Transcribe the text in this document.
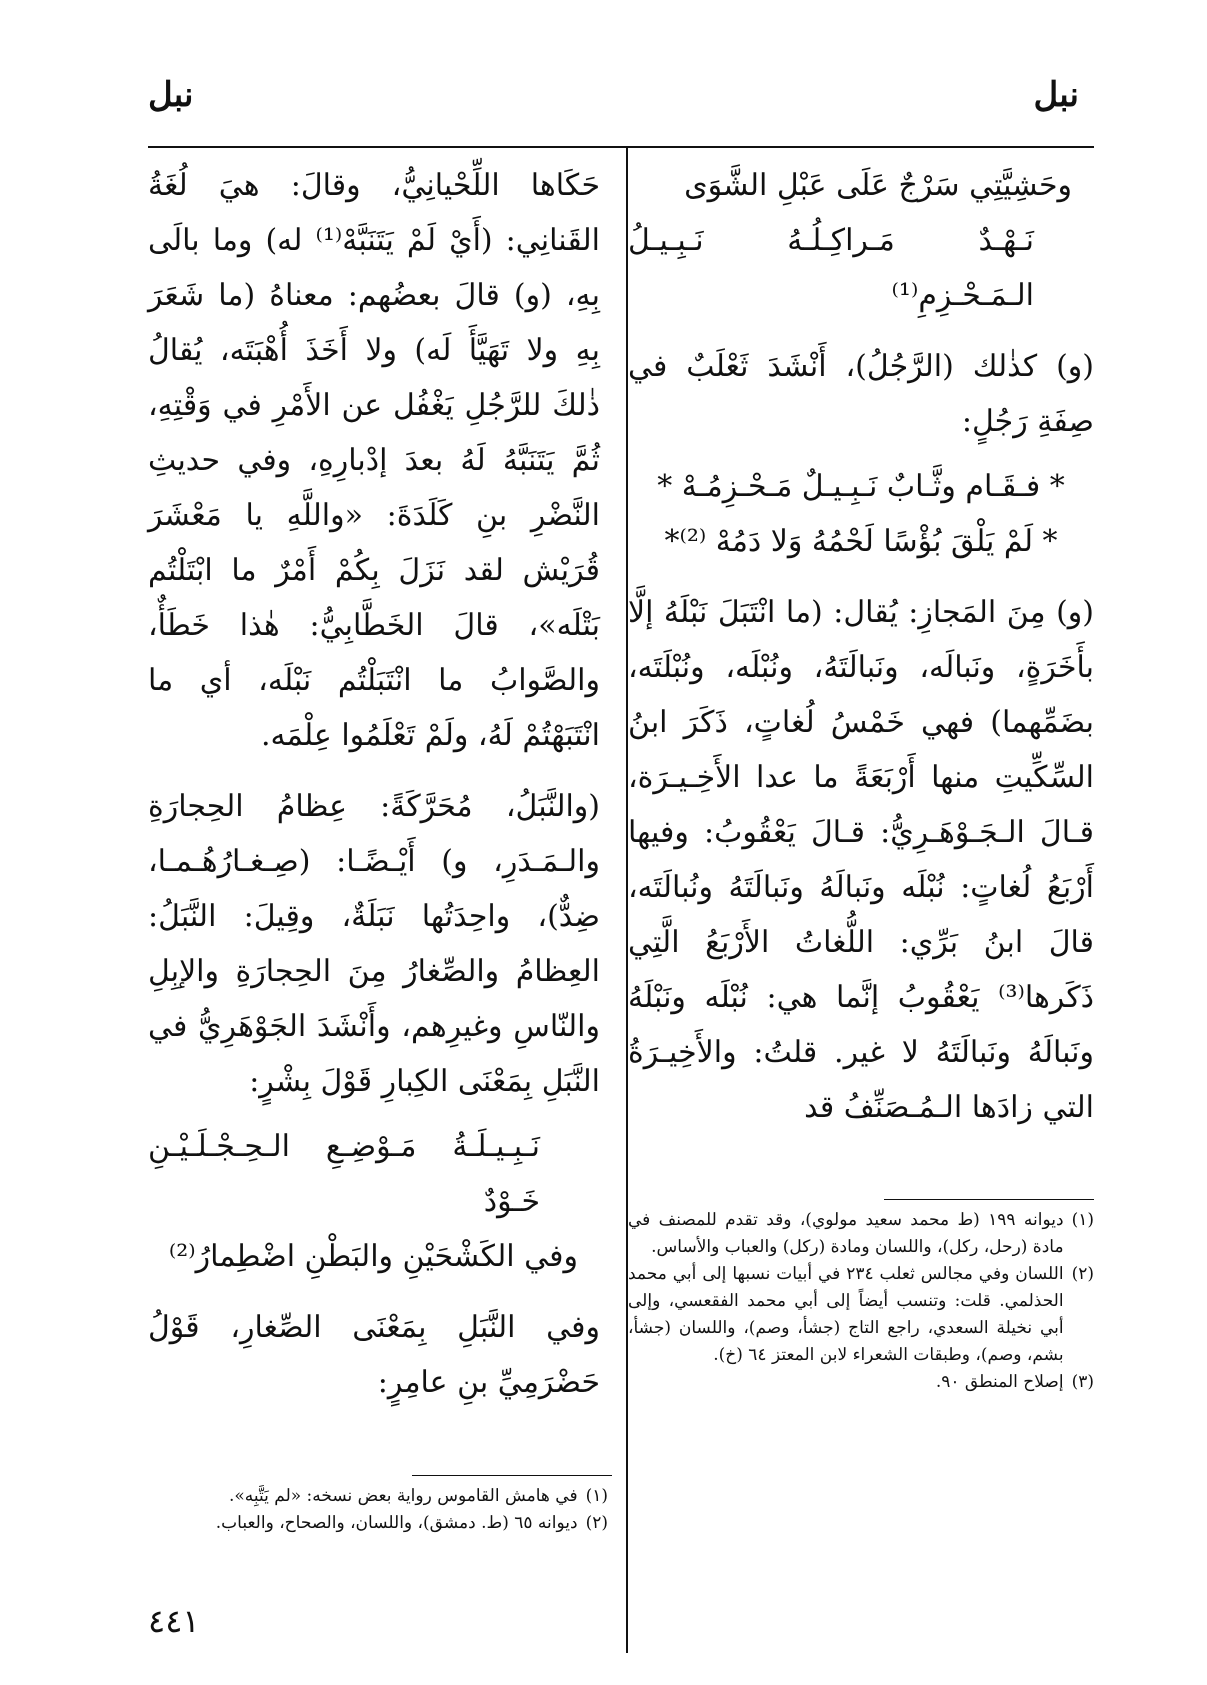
نبل
نبل
وحَشِيَّتِي سَرْجٌ عَلَى عَبْلِ الشَّوَى
نَـهْـدٌ مَـراكِـلُـهُ نَـبِـيـلُ الـمَـحْـزِمِ⁽¹⁾

(و) كذٰلك (الرَّجُلُ)، أَنْشَدَ ثَعْلَبٌ في صِفَةِ رَجُلٍ:

* فـقَـام وثَّـابٌ نَـبِـيـلٌ مَـحْـزِمُـهْ *
* لَمْ يَلْقَ بُؤْسًا لَحْمُهُ وَلا دَمُهْ ⁽²⁾*

(و) مِنَ المَجازِ: يُقال: (ما انْتَبَلَ نَبْلَهُ إلَّا بأَخَرَةٍ، ونَبالَه، ونَبالَتَهُ، ونُبْلَه، ونُبْلَتَه، بضَمِّهما) فهي خَمْسُ لُغاتٍ، ذَكَرَ ابنُ السِّكِّيتِ منها أَرْبَعَةً ما عدا الأَخِـيـرَة، قـالَ الـجَـوْهَـرِيُّ: قـالَ يَعْقُوبُ: وفيها أَرْبَعُ لُغاتٍ: نُبْلَه ونَبالَهُ ونَبالَتَهُ ونُبالَتَه، قالَ ابنُ بَرِّي: اللُّغاتُ الأَرْبَعُ الَّتِي ذَكَرها⁽³⁾ يَعْقُوبُ إنَّما هي: نُبْلَه ونَبْلَهُ ونَبالَهُ ونَبالَتَهُ لا غير. قلتُ: والأَخِيـرَةُ التي زادَها الـمُـصَنِّفُ قد

حَكَاها اللِّحْيانِيُّ، وقالَ: هيَ لُغَةُ القَنانِي: (أَيْ لَمْ يَتَنَبَّهْ⁽¹⁾ له) وما بالَى بِهِ، (و) قالَ بعضُهم: معناهُ (ما شَعَرَ بِهِ ولا تَهَيَّأَ لَه) ولا أَخَذَ أُهْبَتَه، يُقالُ ذٰلكَ للرَّجُلِ يَغْفُل عن الأَمْرِ في وَقْتِهِ، ثُمَّ يَتَنَبَّهُ لَهُ بعدَ إدْبارِهِ، وفي حديثِ النَّضْرِ بنِ كَلَدَةَ: «واللَّهِ يا مَعْشَرَ قُرَيْش لقد نَزَلَ بِكُمْ أَمْرٌ ما ابْتَلْتُم بَتْلَه»، قالَ الخَطَّابِيُّ: هٰذا خَطَأٌ، والصَّوابُ ما انْتَبَلْتُم نَبْلَه، أي ما انْتَبَهْتُمْ لَهُ، ولَمْ تَعْلَمُوا عِلْمَه.

(والنَّبَلُ، مُحَرَّكَةً: عِظامُ الحِجارَةِ والـمَـدَرِ، و) أَيْـضًـا: (صِـغـارُهُـمـا، ضِدٌّ)، واحِدَتُها نَبَلَةٌ، وقِيلَ: النَّبَلُ: العِظامُ والصِّغارُ مِنَ الحِجارَةِ والإبِلِ والنّاسِ وغيرِهم، وأَنْشَدَ الجَوْهَرِيُّ في النَّبَلِ بِمَعْنَى الكِبارِ قَوْلَ بِشْرٍ:

نَـبِـيـلَـةُ مَـوْضِـعِ الـحِـجْـلَـيْـنِ خَـوْدٌ
وفي الكَشْحَيْنِ والبَطْنِ اضْطِمارُ⁽²⁾

وفي النَّبَلِ بِمَعْنَى الصِّغارِ، قَوْلُ حَضْرَمِيِّ بنِ عامِرٍ:

(١)
ديوانه ١٩٩ (ط محمد سعيد مولوي)، وقد تقدم للمصنف في مادة (رحل، ركل)، واللسان ومادة (ركل) والعباب والأساس.
(٢)
اللسان وفي مجالس ثعلب ٢٣٤ في أبيات نسبها إلى أبي محمد الحذلمي. قلت: وتنسب أيضاً إلى أبي محمد الفقعسي، وإلى أبي نخيلة السعدي، راجع التاج (جشأ، وصم)، واللسان (جشأ، بشم، وصم)، وطبقات الشعراء لابن المعتز ٦٤ (خ).
(٣)
إصلاح المنطق ٩٠.
(١)
في هامش القاموس رواية بعض نسخه: «لم يَتَّبِه».
(٢)
ديوانه ٦٥ (ط. دمشق)، واللسان، والصحاح، والعباب.
٤٤١
